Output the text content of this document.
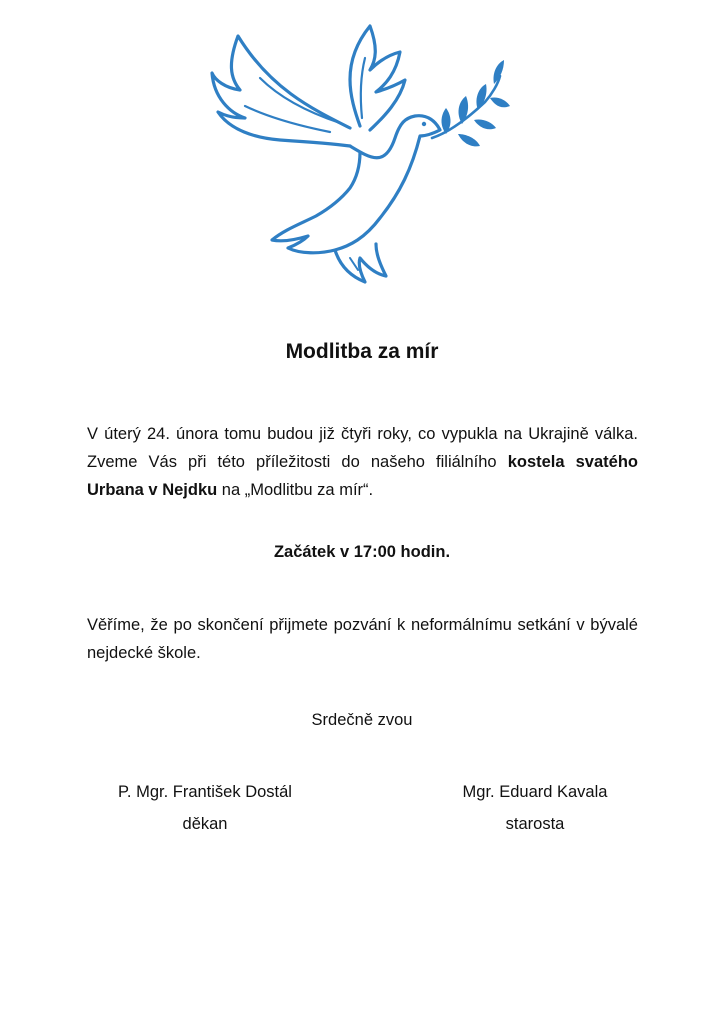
Modlitba za mír

V úterý 24. února tomu budou již čtyři roky, co vypukla na Ukrajině válka. Zveme Vás při této příležitosti do našeho filiálního kostela svatého Urbana v Nejdku na „Modlitbu za mír“.

Začátek v 17:00 hodin.

Věříme, že po skončení přijmete pozvání k neformálnímu setkání v bývalé nejdecké škole.

Srdečně zvou
P. Mgr. František Dostál
děkan
Mgr. Eduard Kavala
starosta
